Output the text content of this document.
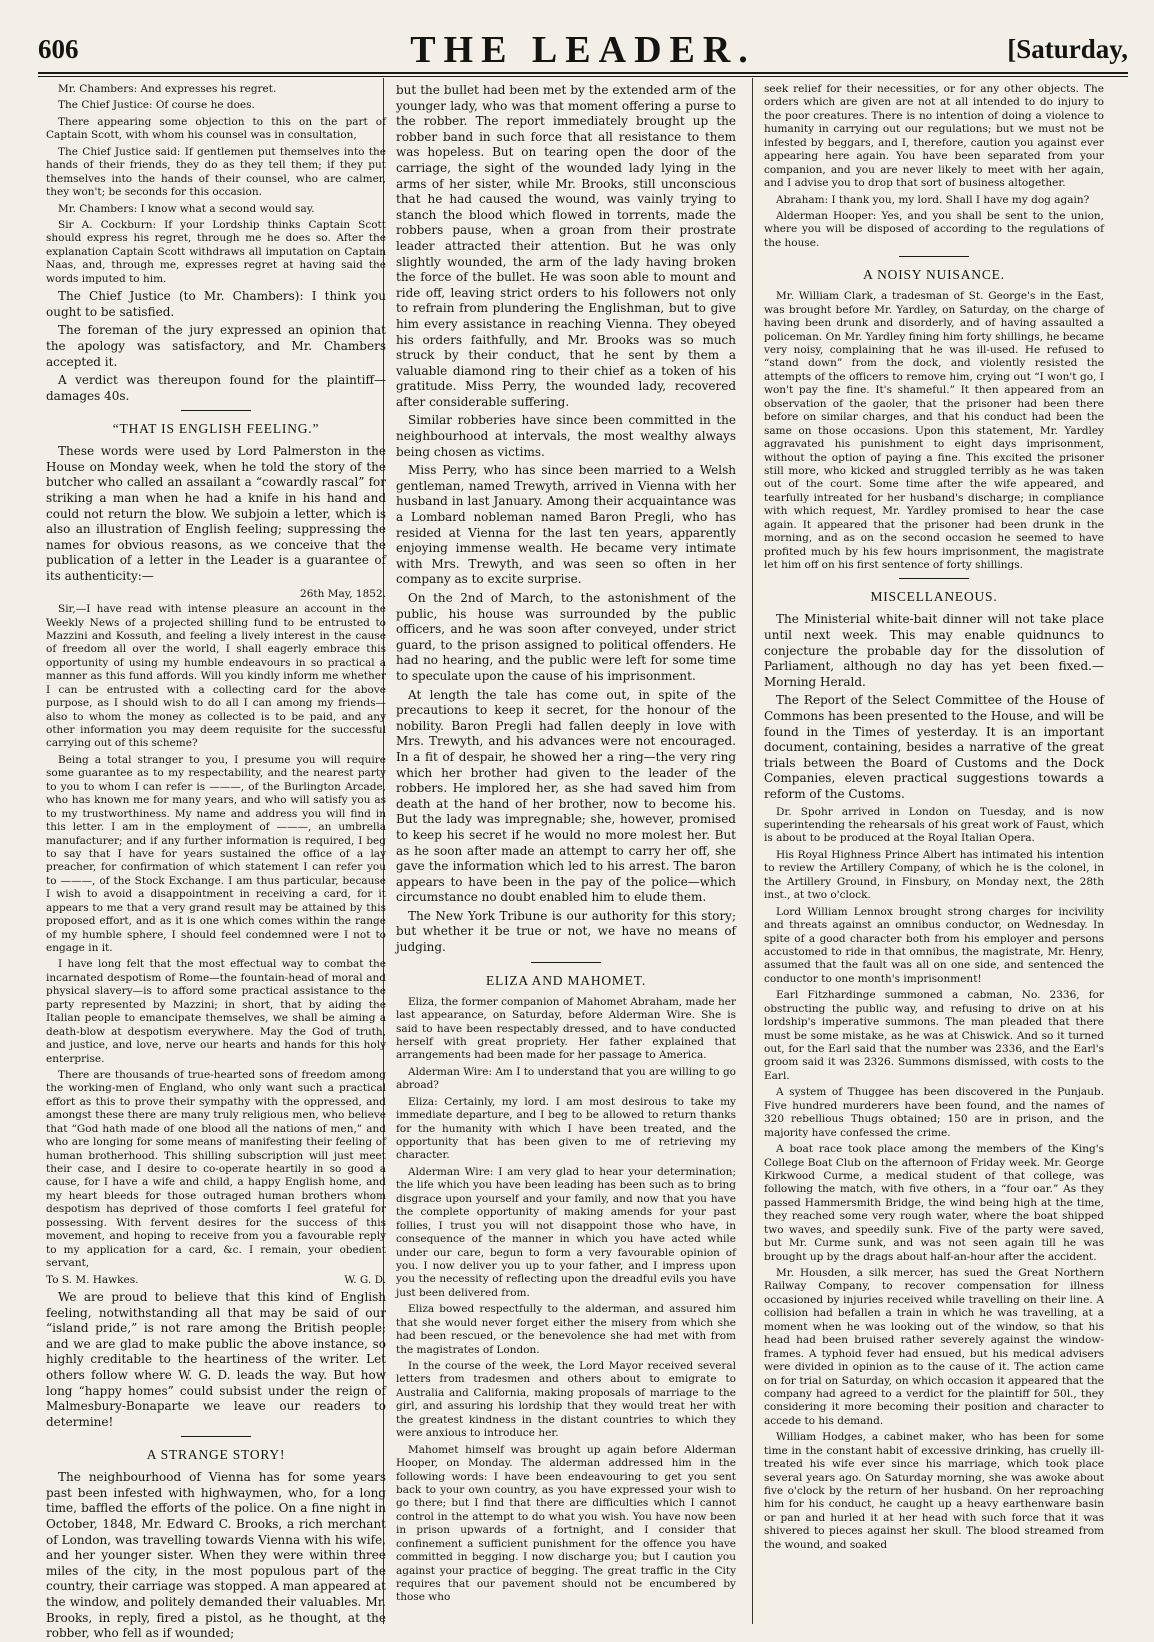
606	THE LEADER.	[Saturday,

Mr. Chambers: And expresses his regret.

The Chief Justice: Of course he does.

There appearing some objection to this on the part of Captain Scott, with whom his counsel was in consultation,

The Chief Justice said: If gentlemen put themselves into the hands of their friends, they do as they tell them; if they put themselves into the hands of their counsel, who are calmer, they won't; be seconds for this occasion.

Mr. Chambers: I know what a second would say.

Sir A. Cockburn: If your Lordship thinks Captain Scott should express his regret, through me he does so. After the explanation Captain Scott withdraws all imputation on Captain Naas, and, through me, expresses regret at having said the words imputed to him.

The Chief Justice (to Mr. Chambers): I think you ought to be satisfied.

The foreman of the jury expressed an opinion that the apology was satisfactory, and Mr. Chambers accepted it.

A verdict was thereupon found for the plaintiff—damages 40s.

“THAT IS ENGLISH FEELING.”

These words were used by Lord Palmerston in the House on Monday week, when he told the story of the butcher who called an assailant a “cowardly rascal” for striking a man when he had a knife in his hand and could not return the blow. We subjoin a letter, which is also an illustration of English feeling; suppressing the names for obvious reasons, as we conceive that the publication of a letter in the Leader is a guarantee of its authenticity:—

26th May, 1852.

Sir,—I have read with intense pleasure an account in the Weekly News of a projected shilling fund to be entrusted to Mazzini and Kossuth, and feeling a lively interest in the cause of freedom all over the world, I shall eagerly embrace this opportunity of using my humble endeavours in so practical a manner as this fund affords. Will you kindly inform me whether I can be entrusted with a collecting card for the above purpose, as I should wish to do all I can among my friends—also to whom the money as collected is to be paid, and any other information you may deem requisite for the successful carrying out of this scheme?

Being a total stranger to you, I presume you will require some guarantee as to my respectability, and the nearest party to you to whom I can refer is ———, of the Burlington Arcade, who has known me for many years, and who will satisfy you as to my trustworthiness. My name and address you will find in this letter. I am in the employment of ———, an umbrella manufacturer; and if any further information is required, I beg to say that I have for years sustained the office of a lay preacher, for confirmation of which statement I can refer you to ———, of the Stock Exchange. I am thus particular, because I wish to avoid a disappointment in receiving a card, for it appears to me that a very grand result may be attained by this proposed effort, and as it is one which comes within the range of my humble sphere, I should feel condemned were I not to engage in it.

I have long felt that the most effectual way to combat the incarnated despotism of Rome—the fountain-head of moral and physical slavery—is to afford some practical assistance to the party represented by Mazzini; in short, that by aiding the Italian people to emancipate themselves, we shall be aiming a death-blow at despotism everywhere. May the God of truth, and justice, and love, nerve our hearts and hands for this holy enterprise.

There are thousands of true-hearted sons of freedom among the working-men of England, who only want such a practical effort as this to prove their sympathy with the oppressed, and amongst these there are many truly religious men, who believe that “God hath made of one blood all the nations of men,” and who are longing for some means of manifesting their feeling of human brotherhood. This shilling subscription will just meet their case, and I desire to co-operate heartily in so good a cause, for I have a wife and child, a happy English home, and my heart bleeds for those outraged human brothers whom despotism has deprived of those comforts I feel grateful for possessing. With fervent desires for the success of this movement, and hoping to receive from you a favourable reply to my application for a card, &c. I remain, your obedient servant,

To S. M. Hawkes.	W. G. D.

We are proud to believe that this kind of English feeling, notwithstanding all that may be said of our “island pride,” is not rare among the British people; and we are glad to make public the above instance, so highly creditable to the heartiness of the writer. Let others follow where W. G. D. leads the way. But how long “happy homes” could subsist under the reign of Malmesbury-Bonaparte we leave our readers to determine!

A STRANGE STORY!

The neighbourhood of Vienna has for some years past been infested with highwaymen, who, for a long time, baffled the efforts of the police. On a fine night in October, 1848, Mr. Edward C. Brooks, a rich merchant of London, was travelling towards Vienna with his wife, and her younger sister. When they were within three miles of the city, in the most populous part of the country, their carriage was stopped. A man appeared at the window, and politely demanded their valuables. Mr. Brooks, in reply, fired a pistol, as he thought, at the robber, who fell as if wounded;

but the bullet had been met by the extended arm of the younger lady, who was that moment offering a purse to the robber. The report immediately brought up the robber band in such force that all resistance to them was hopeless. But on tearing open the door of the carriage, the sight of the wounded lady lying in the arms of her sister, while Mr. Brooks, still unconscious that he had caused the wound, was vainly trying to stanch the blood which flowed in torrents, made the robbers pause, when a groan from their prostrate leader attracted their attention. But he was only slightly wounded, the arm of the lady having broken the force of the bullet. He was soon able to mount and ride off, leaving strict orders to his followers not only to refrain from plundering the Englishman, but to give him every assistance in reaching Vienna. They obeyed his orders faithfully, and Mr. Brooks was so much struck by their conduct, that he sent by them a valuable diamond ring to their chief as a token of his gratitude. Miss Perry, the wounded lady, recovered after considerable suffering.

Similar robberies have since been committed in the neighbourhood at intervals, the most wealthy always being chosen as victims.

Miss Perry, who has since been married to a Welsh gentleman, named Trewyth, arrived in Vienna with her husband in last January. Among their acquaintance was a Lombard nobleman named Baron Pregli, who has resided at Vienna for the last ten years, apparently enjoying immense wealth. He became very intimate with Mrs. Trewyth, and was seen so often in her company as to excite surprise.

On the 2nd of March, to the astonishment of the public, his house was surrounded by the public officers, and he was soon after conveyed, under strict guard, to the prison assigned to political offenders. He had no hearing, and the public were left for some time to speculate upon the cause of his imprisonment.

At length the tale has come out, in spite of the precautions to keep it secret, for the honour of the nobility. Baron Pregli had fallen deeply in love with Mrs. Trewyth, and his advances were not encouraged. In a fit of despair, he showed her a ring—the very ring which her brother had given to the leader of the robbers. He implored her, as she had saved him from death at the hand of her brother, now to become his. But the lady was impregnable; she, however, promised to keep his secret if he would no more molest her. But as he soon after made an attempt to carry her off, she gave the information which led to his arrest. The baron appears to have been in the pay of the police—which circumstance no doubt enabled him to elude them.

The New York Tribune is our authority for this story; but whether it be true or not, we have no means of judging.

ELIZA AND MAHOMET.

Eliza, the former companion of Mahomet Abraham, made her last appearance, on Saturday, before Alderman Wire. She is said to have been respectably dressed, and to have conducted herself with great propriety. Her father explained that arrangements had been made for her passage to America.

Alderman Wire: Am I to understand that you are willing to go abroad?

Eliza: Certainly, my lord. I am most desirous to take my immediate departure, and I beg to be allowed to return thanks for the humanity with which I have been treated, and the opportunity that has been given to me of retrieving my character.

Alderman Wire: I am very glad to hear your determination; the life which you have been leading has been such as to bring disgrace upon yourself and your family, and now that you have the complete opportunity of making amends for your past follies, I trust you will not disappoint those who have, in consequence of the manner in which you have acted while under our care, begun to form a very favourable opinion of you. I now deliver you up to your father, and I impress upon you the necessity of reflecting upon the dreadful evils you have just been delivered from.

Eliza bowed respectfully to the alderman, and assured him that she would never forget either the misery from which she had been rescued, or the benevolence she had met with from the magistrates of London.

In the course of the week, the Lord Mayor received several letters from tradesmen and others about to emigrate to Australia and California, making proposals of marriage to the girl, and assuring his lordship that they would treat her with the greatest kindness in the distant countries to which they were anxious to introduce her.

Mahomet himself was brought up again before Alderman Hooper, on Monday. The alderman addressed him in the following words: I have been endeavouring to get you sent back to your own country, as you have expressed your wish to go there; but I find that there are difficulties which I cannot control in the attempt to do what you wish. You have now been in prison upwards of a fortnight, and I consider that confinement a sufficient punishment for the offence you have committed in begging. I now discharge you; but I caution you against your practice of begging. The great traffic in the City requires that our pavement should not be encumbered by those who

seek relief for their necessities, or for any other objects. The orders which are given are not at all intended to do injury to the poor creatures. There is no intention of doing a violence to humanity in carrying out our regulations; but we must not be infested by beggars, and I, therefore, caution you against ever appearing here again. You have been separated from your companion, and you are never likely to meet with her again, and I advise you to drop that sort of business altogether.

Abraham: I thank you, my lord. Shall I have my dog again?

Alderman Hooper: Yes, and you shall be sent to the union, where you will be disposed of according to the regulations of the house.

A NOISY NUISANCE.

Mr. William Clark, a tradesman of St. George's in the East, was brought before Mr. Yardley, on Saturday, on the charge of having been drunk and disorderly, and of having assaulted a policeman. On Mr. Yardley fining him forty shillings, he became very noisy, complaining that he was ill-used. He refused to “stand down” from the dock, and violently resisted the attempts of the officers to remove him, crying out “I won't go, I won't pay the fine. It's shameful.” It then appeared from an observation of the gaoler, that the prisoner had been there before on similar charges, and that his conduct had been the same on those occasions. Upon this statement, Mr. Yardley aggravated his punishment to eight days imprisonment, without the option of paying a fine. This excited the prisoner still more, who kicked and struggled terribly as he was taken out of the court. Some time after the wife appeared, and tearfully intreated for her husband's discharge; in compliance with which request, Mr. Yardley promised to hear the case again. It appeared that the prisoner had been drunk in the morning, and as on the second occasion he seemed to have profited much by his few hours imprisonment, the magistrate let him off on his first sentence of forty shillings.

MISCELLANEOUS.

The Ministerial white-bait dinner will not take place until next week. This may enable quidnuncs to conjecture the probable day for the dissolution of Parliament, although no day has yet been fixed.—Morning Herald.

The Report of the Select Committee of the House of Commons has been presented to the House, and will be found in the Times of yesterday. It is an important document, containing, besides a narrative of the great trials between the Board of Customs and the Dock Companies, eleven practical suggestions towards a reform of the Customs.

Dr. Spohr arrived in London on Tuesday, and is now superintending the rehearsals of his great work of Faust, which is about to be produced at the Royal Italian Opera.

His Royal Highness Prince Albert has intimated his intention to review the Artillery Company, of which he is the colonel, in the Artillery Ground, in Finsbury, on Monday next, the 28th inst., at two o'clock.

Lord William Lennox brought strong charges for incivility and threats against an omnibus conductor, on Wednesday. In spite of a good character both from his employer and persons accustomed to ride in that omnibus, the magistrate, Mr. Henry, assumed that the fault was all on one side, and sentenced the conductor to one month's imprisonment!

Earl Fitzhardinge summoned a cabman, No. 2336, for obstructing the public way, and refusing to drive on at his lordship's imperative summons. The man pleaded that there must be some mistake, as he was at Chiswick. And so it turned out, for the Earl said that the number was 2336, and the Earl's groom said it was 2326. Summons dismissed, with costs to the Earl.

A system of Thuggee has been discovered in the Punjaub. Five hundred murderers have been found, and the names of 320 rebellious Thugs obtained; 150 are in prison, and the majority have confessed the crime.

A boat race took place among the members of the King's College Boat Club on the afternoon of Friday week. Mr. George Kirkwood Curme, a medical student of that college, was following the match, with five others, in a “four oar.” As they passed Hammersmith Bridge, the wind being high at the time, they reached some very rough water, where the boat shipped two waves, and speedily sunk. Five of the party were saved, but Mr. Curme sunk, and was not seen again till he was brought up by the drags about half-an-hour after the accident.

Mr. Housden, a silk mercer, has sued the Great Northern Railway Company, to recover compensation for illness occasioned by injuries received while travelling on their line. A collision had befallen a train in which he was travelling, at a moment when he was looking out of the window, so that his head had been bruised rather severely against the window-frames. A typhoid fever had ensued, but his medical advisers were divided in opinion as to the cause of it. The action came on for trial on Saturday, on which occasion it appeared that the company had agreed to a verdict for the plaintiff for 50l., they considering it more becoming their position and character to accede to his demand.

William Hodges, a cabinet maker, who has been for some time in the constant habit of excessive drinking, has cruelly ill-treated his wife ever since his marriage, which took place several years ago. On Saturday morning, she was awoke about five o'clock by the return of her husband. On her reproaching him for his conduct, he caught up a heavy earthenware basin or pan and hurled it at her head with such force that it was shivered to pieces against her skull. The blood streamed from the wound, and soaked
